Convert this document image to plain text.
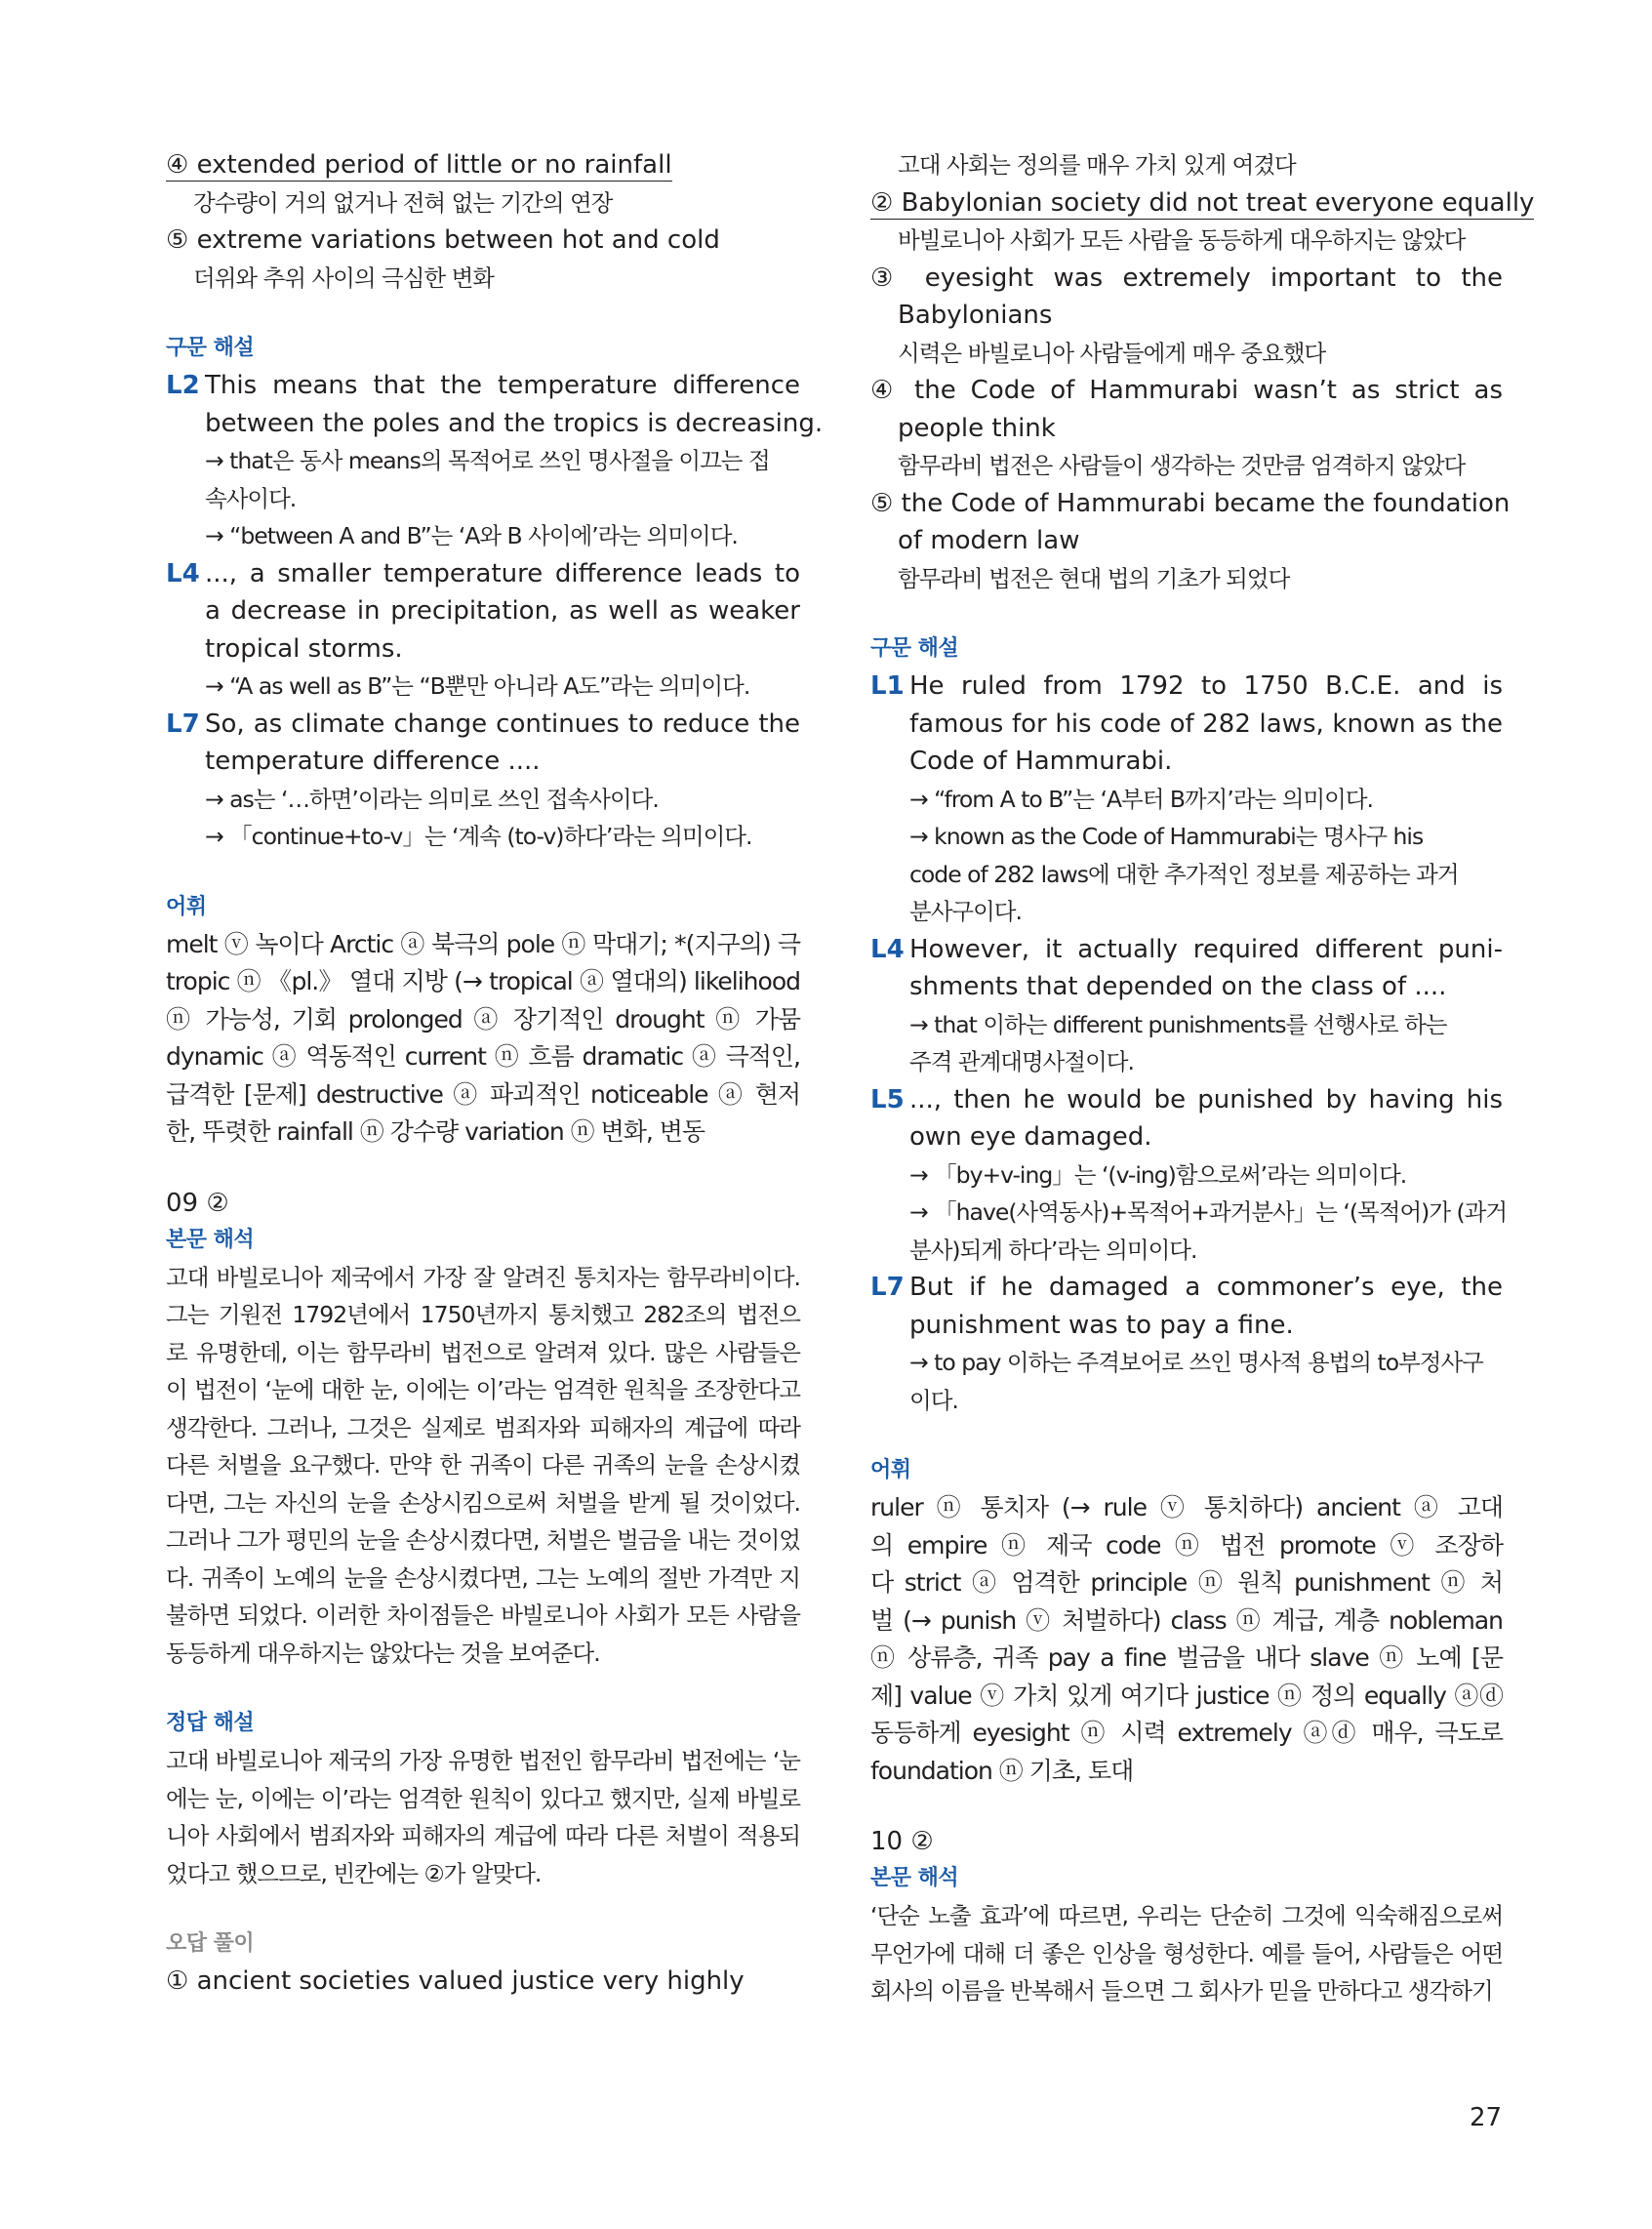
④ extended period of little or no rainfall
강수량이 거의 없거나 전혀 없는 기간의 연장
⑤ extreme variations between hot and cold
더위와 추위 사이의 극심한 변화
구문 해설
L2 This means that the temperature difference
between the poles and the tropics is decreasing.
→ that은 동사 means의 목적어로 쓰인 명사절을 이끄는 접
속사이다.
→ “between A and B”는 ‘A와 B 사이에’라는 의미이다.
L4 ..., a smaller temperature difference leads to
a decrease in precipitation, as well as weaker
tropical storms.
→ “A as well as B”는 “B뿐만 아니라 A도”라는 의미이다.
L7 So, as climate change continues to reduce the
temperature difference ....
→ as는 ‘…하면’이라는 의미로 쓰인 접속사이다.
→ 「continue+to-v」는 ‘계속 (to-v)하다’라는 의미이다.
어휘
melt ⓥ 녹이다 Arctic ⓐ 북극의 pole ⓝ 막대기; *(지구의) 극
tropic ⓝ 《pl.》 열대 지방 (→ tropical ⓐ 열대의) likelihood
ⓝ 가능성, 기회 prolonged ⓐ 장기적인 drought ⓝ 가뭄
dynamic ⓐ 역동적인 current ⓝ 흐름 dramatic ⓐ 극적인,
급격한 [문제] destructive ⓐ 파괴적인 noticeable ⓐ 현저
한, 뚜렷한 rainfall ⓝ 강수량 variation ⓝ 변화, 변동
09 ②
본문 해석
고대 바빌로니아 제국에서 가장 잘 알려진 통치자는 함무라비이다.
그는 기원전 1792년에서 1750년까지 통치했고 282조의 법전으
로 유명한데, 이는 함무라비 법전으로 알려져 있다. 많은 사람들은
이 법전이 ‘눈에 대한 눈, 이에는 이’라는 엄격한 원칙을 조장한다고
생각한다. 그러나, 그것은 실제로 범죄자와 피해자의 계급에 따라
다른 처벌을 요구했다. 만약 한 귀족이 다른 귀족의 눈을 손상시켰
다면, 그는 자신의 눈을 손상시킴으로써 처벌을 받게 될 것이었다.
그러나 그가 평민의 눈을 손상시켰다면, 처벌은 벌금을 내는 것이었
다. 귀족이 노예의 눈을 손상시켰다면, 그는 노예의 절반 가격만 지
불하면 되었다. 이러한 차이점들은 바빌로니아 사회가 모든 사람을
동등하게 대우하지는 않았다는 것을 보여준다.
정답 해설
고대 바빌로니아 제국의 가장 유명한 법전인 함무라비 법전에는 ‘눈
에는 눈, 이에는 이’라는 엄격한 원칙이 있다고 했지만, 실제 바빌로
니아 사회에서 범죄자와 피해자의 계급에 따라 다른 처벌이 적용되
었다고 했으므로, 빈칸에는 ②가 알맞다.
오답 풀이
① ancient societies valued justice very highly
고대 사회는 정의를 매우 가치 있게 여겼다
② Babylonian society did not treat everyone equally
바빌로니아 사회가 모든 사람을 동등하게 대우하지는 않았다
③ eyesight was extremely important to the
Babylonians
시력은 바빌로니아 사람들에게 매우 중요했다
④ the Code of Hammurabi wasn’t as strict as
people think
함무라비 법전은 사람들이 생각하는 것만큼 엄격하지 않았다
⑤ the Code of Hammurabi became the foundation
of modern law
함무라비 법전은 현대 법의 기초가 되었다
구문 해설
L1 He ruled from 1792 to 1750 B.C.E. and is
famous for his code of 282 laws, known as the
Code of Hammurabi.
→ “from A to B”는 ‘A부터 B까지’라는 의미이다.
→ known as the Code of Hammurabi는 명사구 his
code of 282 laws에 대한 추가적인 정보를 제공하는 과거
분사구이다.
L4 However, it actually required different puni-
shments that depended on the class of ....
→ that 이하는 different punishments를 선행사로 하는
주격 관계대명사절이다.
L5 ..., then he would be punished by having his
own eye damaged.
→ 「by+v-ing」는 ‘(v-ing)함으로써’라는 의미이다.
→ 「have(사역동사)+목적어+과거분사」는 ‘(목적어)가 (과거
분사)되게 하다’라는 의미이다.
L7 But if he damaged a commoner’s eye, the
punishment was to pay a fine.
→ to pay 이하는 주격보어로 쓰인 명사적 용법의 to부정사구
이다.
어휘
ruler ⓝ 통치자 (→ rule ⓥ 통치하다) ancient ⓐ 고대
의 empire ⓝ 제국 code ⓝ 법전 promote ⓥ 조장하
다 strict ⓐ 엄격한 principle ⓝ 원칙 punishment ⓝ 처
벌 (→ punish ⓥ 처벌하다) class ⓝ 계급, 계층 nobleman
ⓝ 상류층, 귀족 pay a fine 벌금을 내다 slave ⓝ 노예 [문
제] value ⓥ 가치 있게 여기다 justice ⓝ 정의 equally ⓐⓓ
동등하게 eyesight ⓝ 시력 extremely ⓐⓓ 매우, 극도로
foundation ⓝ 기초, 토대
10 ②
본문 해석
‘단순 노출 효과’에 따르면, 우리는 단순히 그것에 익숙해짐으로써
무언가에 대해 더 좋은 인상을 형성한다. 예를 들어, 사람들은 어떤
회사의 이름을 반복해서 들으면 그 회사가 믿을 만하다고 생각하기
27
